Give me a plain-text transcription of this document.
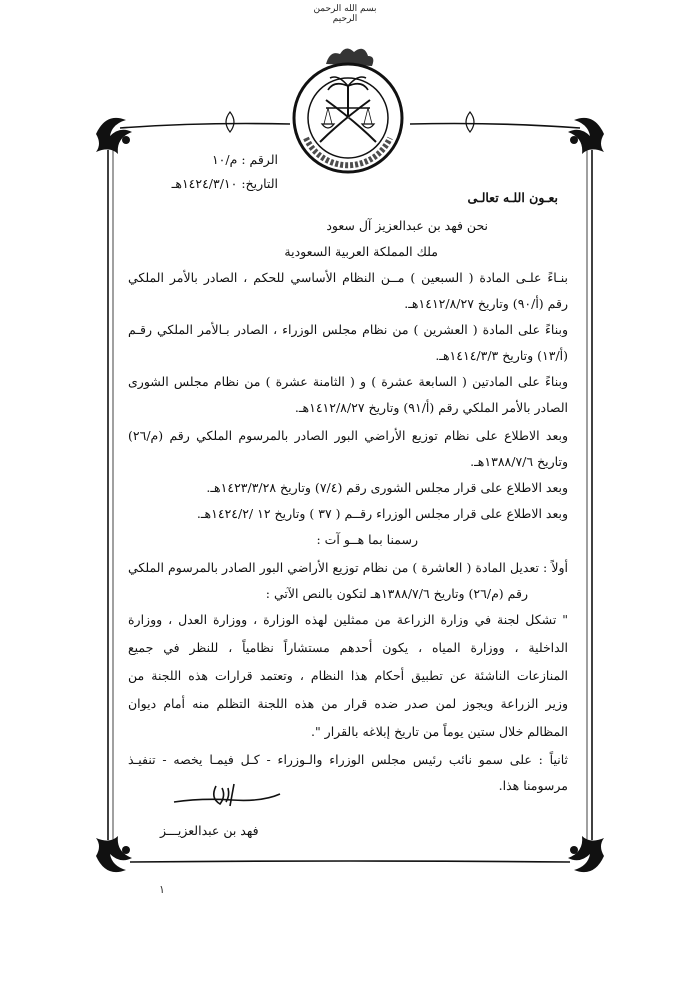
بسم الله الرحمن الرحيم
لا إله إلا الله محمد رسول الله
الرقم : م/١٠
التاريخ: ١٤٢٤/٣/١٠هـ
بعـون اللـه تعالـى
نحن فهد بن عبدالعزيز آل سعود
ملك المملكة العربية السعودية
بنـاءً علـى المادة ( السبعين ) مــن النظام الأساسي للحكم ، الصادر بالأمر الملكي
رقم (أ/٩٠) وتاريخ ١٤١٢/٨/٢٧هـ.
وبناءً على المادة ( العشرين ) من نظام مجلس الوزراء ، الصادر بـالأمر الملكي رقـم
(أ/١٣) وتاريخ ١٤١٤/٣/٣هـ.
وبناءً على المادتين ( السابعة عشرة ) و ( الثامنة عشرة ) من نظام مجلس الشورى
الصادر بالأمر الملكي رقم (أ/٩١) وتاريخ ١٤١٢/٨/٢٧هـ.
وبعد الاطلاع على نظام توزيع الأراضي البور الصادر بالمرسوم الملكي رقم (م/٢٦)
وتاريخ ١٣٨٨/٧/٦هـ.
وبعد الاطلاع على قرار مجلس الشورى رقم (٧/٤) وتاريخ ١٤٢٣/٣/٢٨هـ.
وبعد الاطلاع على قرار مجلس الوزراء رقــم ( ٣٧ ) وتاريخ ١٢ /١٤٢٤/٢هـ.
رسمنا بما هــو آت :
أولاً : تعديل المادة ( العاشرة ) من نظام توزيع الأراضي البور الصادر بالمرسوم الملكي
رقم (م/٢٦) وتاريخ ١٣٨٨/٧/٦هـ لتكون بالنص الآتي :
" تشكل لجنة في وزارة الزراعة من ممثلين لهذه الوزارة ، ووزارة العدل ، ووزارة
الداخلية ، ووزارة المياه ، يكون أحدهم مستشاراً نظامياً ، للنظر في جميع
المنازعات الناشئة عن تطبيق أحكام هذا النظام ، وتعتمد قرارات هذه اللجنة من
وزير الزراعة ويجوز لمن صدر ضده قرار من هذه اللجنة التظلم منه أمام ديوان
المظالم خلال ستين يوماً من تاريخ إبلاغه بالقرار ".
ثانياً : على سمو نائب رئيس مجلس الوزراء والـوزراء - كـل فيمـا يخصه - تنفيـذ
مرسومنا هذا.
فهد بن عبدالعزيـــز
١
